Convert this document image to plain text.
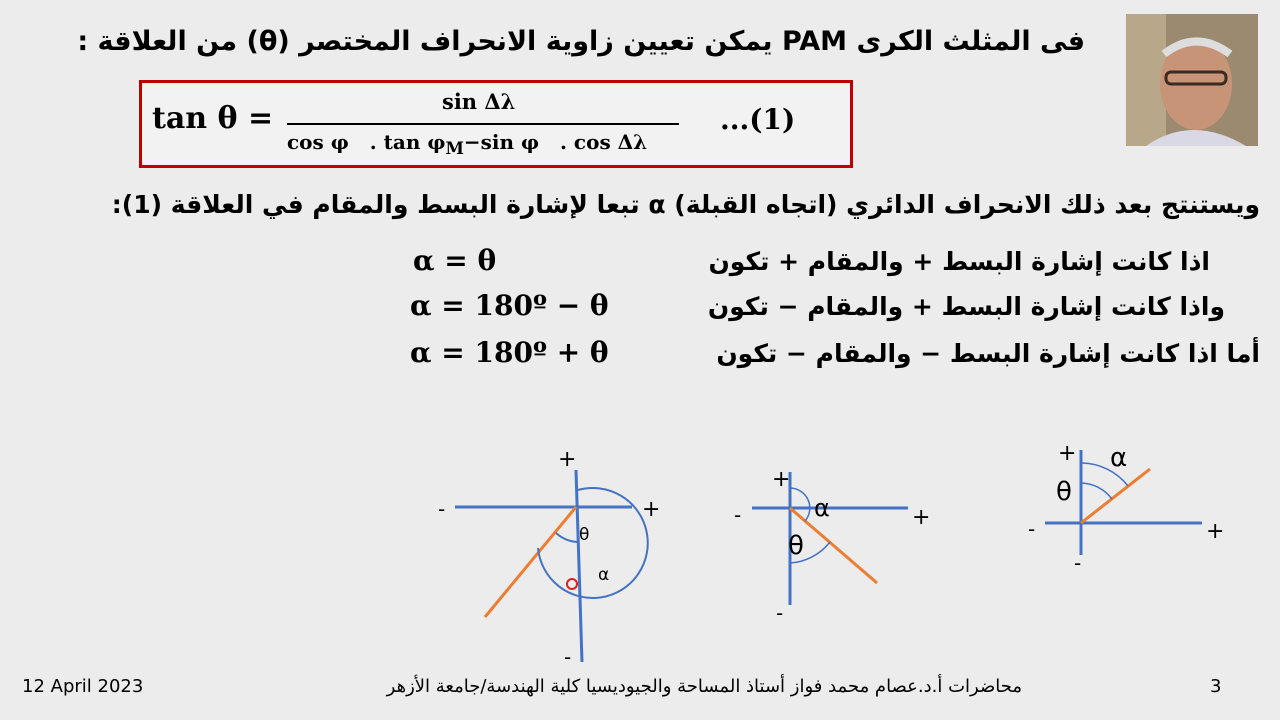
فى المثلث الكرى PAM يمكن تعيين زاوية الانحراف المختصر (θ) من العلاقة :
tan θ =	sin Δλ
cos φ   . $\tan \varphi_M-\sin$ φ   . cos Δλ
...(1)
ويستنتج بعد ذلك الانحراف الدائري (اتجاه القبلة) α تبعا لإشارة البسط والمقام في العلاقة (1):
اذا كانت إشارة البسط + والمقام + تكون
α = θ
واذا كانت إشارة البسط + والمقام − تكون
α = 180º − θ
أما اذا كانت إشارة البسط − والمقام − تكون
α = 180º + θ
+
+
-
-
θ
α
+
+
-
-
α
θ
+
+
-
-
α
θ
12 April 2023	محاضرات أ.د.عصام محمد فواز أستاذ المساحة والجيوديسيا كلية الهندسة/جامعة الأزهر	3
